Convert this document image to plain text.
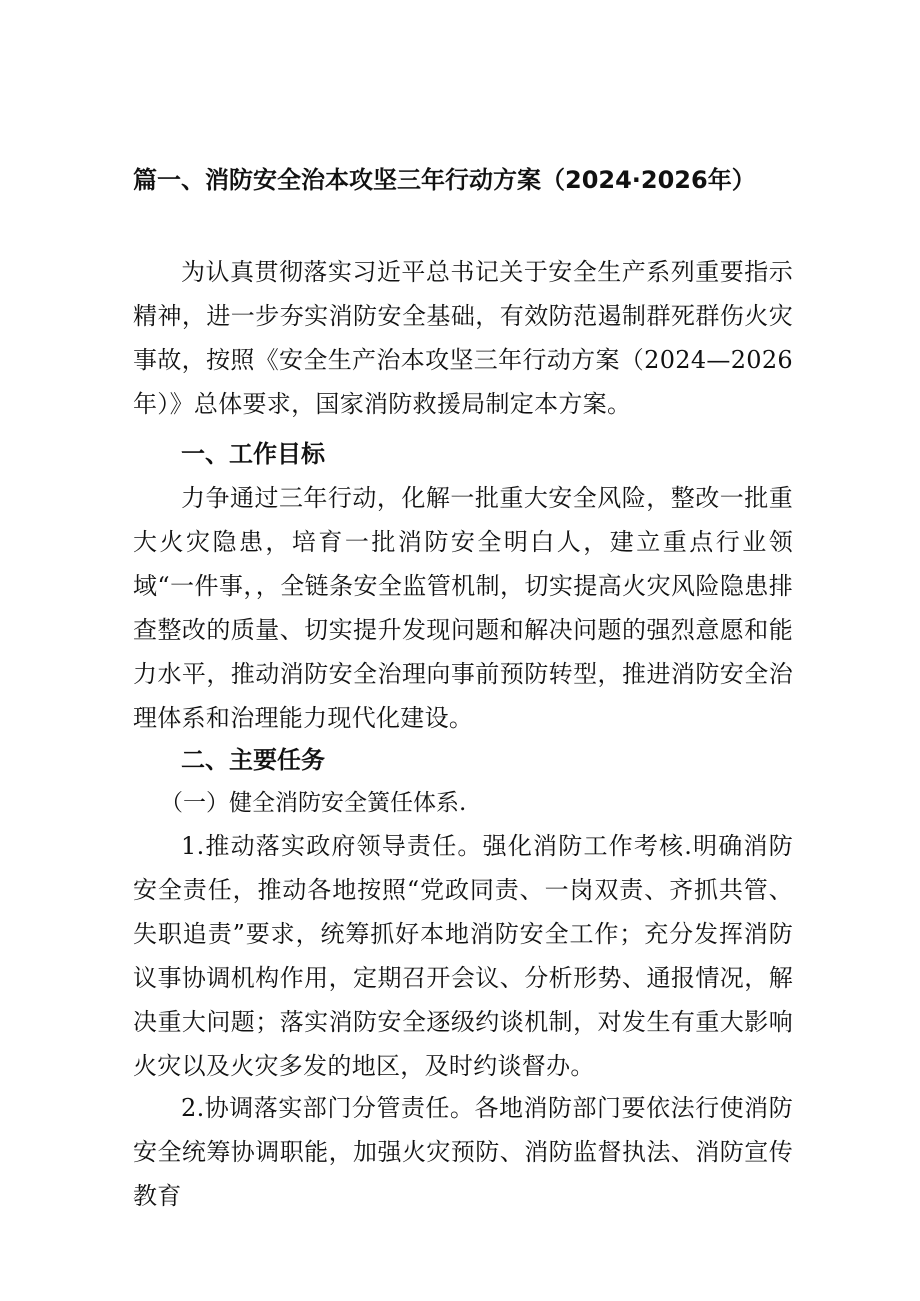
篇一、消防安全治本攻坚三年行动方案（2024·2026年）
为认真贯彻落实习近平总书记关于安全生产系列重要指示精神，进一步夯实消防安全基础，有效防范遏制群死群伤火灾事故，按照《安全生产治本攻坚三年行动方案（2024—2026年）》总体要求，国家消防救援局制定本方案。
一、工作目标
力争通过三年行动，化解一批重大安全风险，整改一批重大火灾隐患，培育一批消防安全明白人，建立重点行业领域“一件事，，全链条安全监管机制，切实提高火灾风险隐患排查整改的质量、切实提升发现问题和解决问题的强烈意愿和能力水平，推动消防安全治理向事前预防转型，推进消防安全治理体系和治理能力现代化建设。
二、主要任务
（一）健全消防安全簧任体系.
1.推动落实政府领导责任。强化消防工作考核.明确消防安全责任，推动各地按照“党政同责、一岗双责、齐抓共管、失职追责”要求，统筹抓好本地消防安全工作；充分发挥消防议事协调机构作用，定期召开会议、分析形势、通报情况，解决重大问题；落实消防安全逐级约谈机制，对发生有重大影响火灾以及火灾多发的地区，及时约谈督办。
2.协调落实部门分管责任。各地消防部门要依法行使消防安全统筹协调职能，加强火灾预防、消防监督执法、消防宣传教育
